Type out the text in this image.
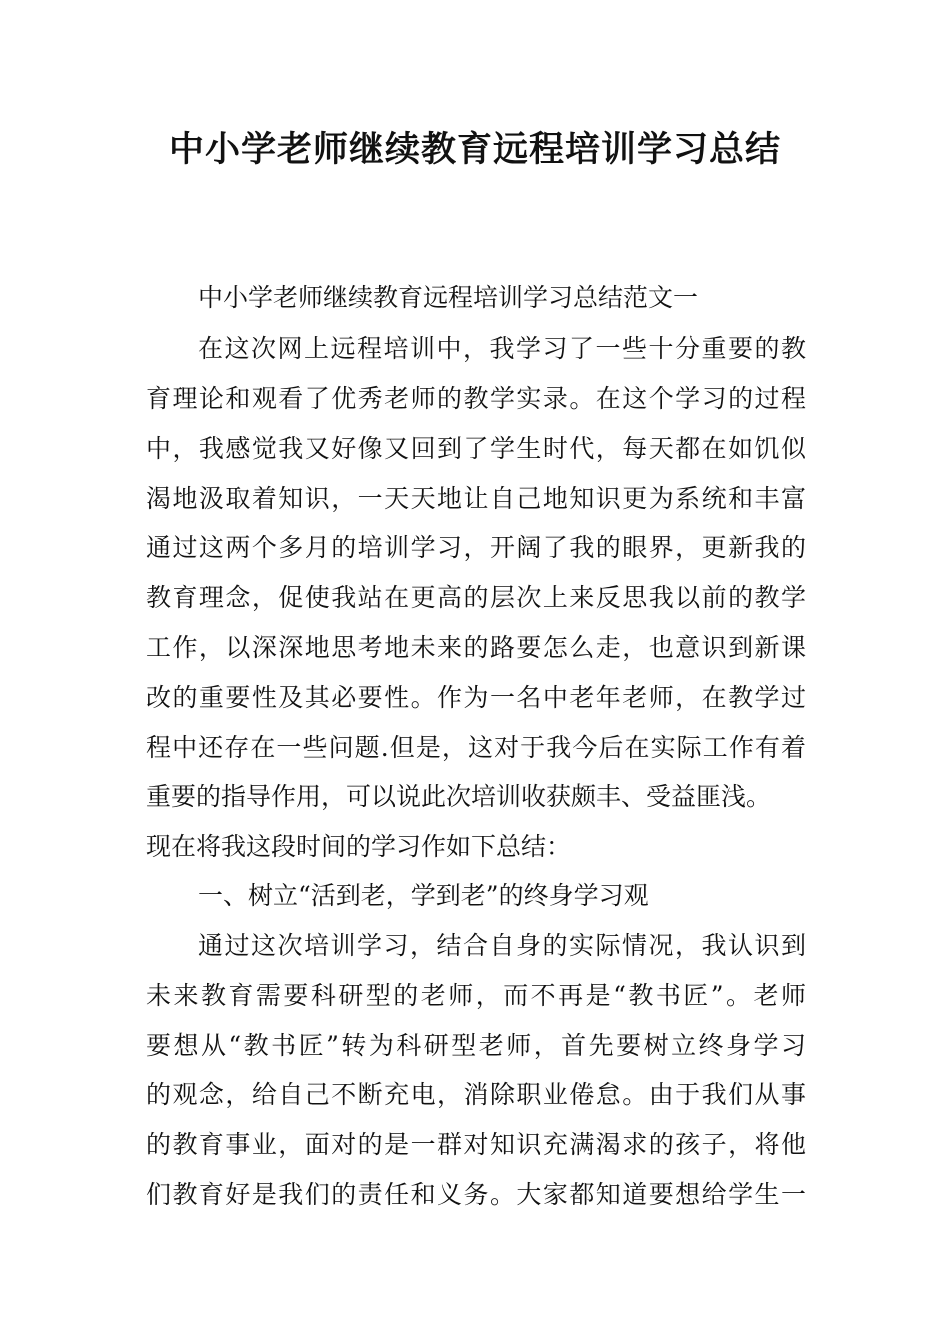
中小学老师继续教育远程培训学习总结
中小学老师继续教育远程培训学习总结范文一
在这次网上远程培训中，我学习了一些十分重要的教
育理论和观看了优秀老师的教学实录。在这个学习的过程
中，我感觉我又好像又回到了学生时代，每天都在如饥似
渴地汲取着知识，一天天地让自己地知识更为系统和丰富
通过这两个多月的培训学习，开阔了我的眼界，更新我的
教育理念，促使我站在更高的层次上来反思我以前的教学
工作，以深深地思考地未来的路要怎么走，也意识到新课
改的重要性及其必要性。作为一名中老年老师，在教学过
程中还存在一些问题.但是，这对于我今后在实际工作有着
重要的指导作用，可以说此次培训收获颇丰、受益匪浅。
现在将我这段时间的学习作如下总结：
一、树立“活到老，学到老”的终身学习观
通过这次培训学习，结合自身的实际情况，我认识到
未来教育需要科研型的老师，而不再是“教书匠”。老师
要想从“教书匠”转为科研型老师，首先要树立终身学习
的观念，给自己不断充电，消除职业倦怠。由于我们从事
的教育事业，面对的是一群对知识充满渴求的孩子，将他
们教育好是我们的责任和义务。大家都知道要想给学生一
